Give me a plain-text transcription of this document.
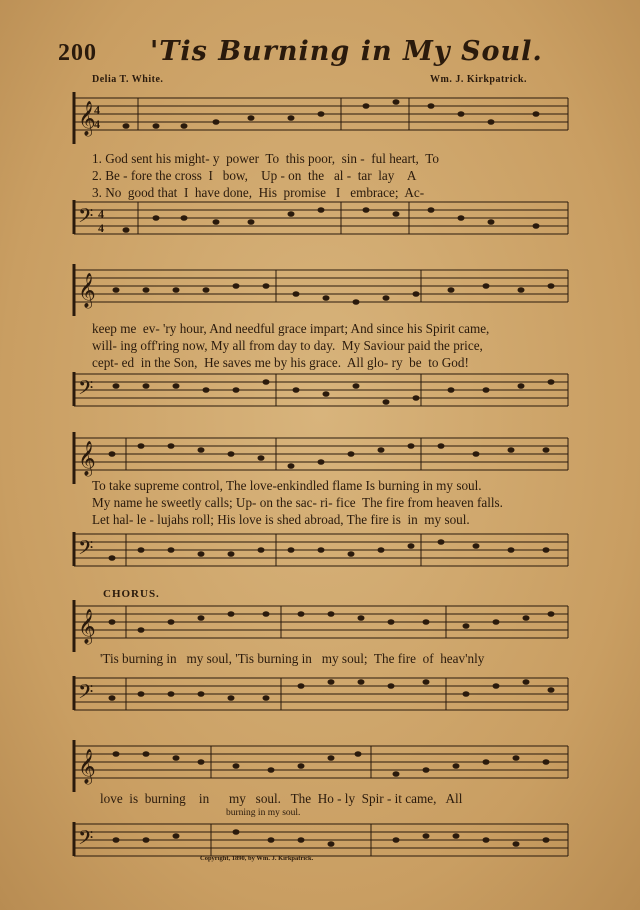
200 'Tis Burning in My Soul.
Delia T. White.	Wm. J. Kirkpatrick.
𝄞
4
4
1. God sent his might- y  power  To  this poor,  sin -  ful heart,  To
2. Be - fore the cross  I   bow,    Up - on  the   al -  tar  lay    A
3. No  good that  I  have done,  His  promise   I   embrace;  Ac-
𝄢 4
4
𝄞
keep me  ev- 'ry hour, And needful grace impart; And since his Spirit came,
will- ing off'ring now, My all from day to day.  My Saviour paid the price,
cept- ed  in the Son,  He saves me by his grace.  All glo- ry  be  to God!
𝄢
𝄞
To take supreme control, The love-enkindled flame Is burning in my soul.
My name he sweetly calls; Up- on the sac- ri- fice  The fire from heaven falls.
Let hal- le - lujahs roll; His love is shed abroad, The fire is  in  my soul.
𝄢
CHORUS.
𝄞
'Tis burning in   my soul, 'Tis burning in   my soul;  The fire  of  heav'nly
𝄢
𝄞
love  is  burning    in      my   soul.   The  Ho - ly  Spir - it came,   All
burning in my soul.
𝄢
Copyright, 1890, by Wm. J. Kirkpatrick.
